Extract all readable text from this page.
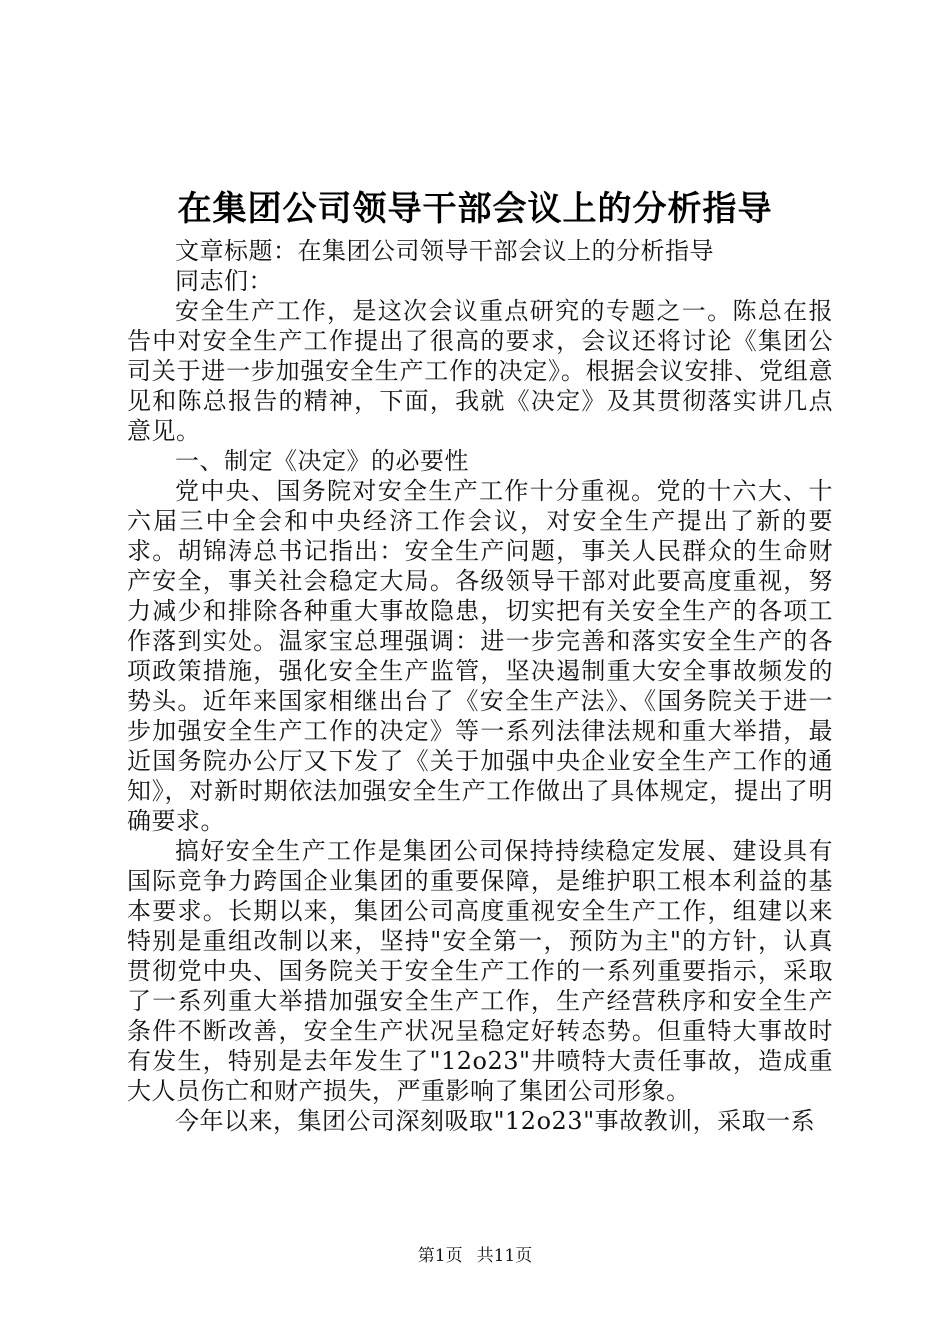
在集团公司领导干部会议上的分析指导

文章标题：在集团公司领导干部会议上的分析指导

同志们：

安全生产工作，是这次会议重点研究的专题之一。陈总在报告中对安全生产工作提出了很高的要求，会议还将讨论《集团公司关于进一步加强安全生产工作的决定》。根据会议安排、党组意见和陈总报告的精神，下面，我就《决定》及其贯彻落实讲几点意见。

一、制定《决定》的必要性

党中央、国务院对安全生产工作十分重视。党的十六大、十六届三中全会和中央经济工作会议，对安全生产提出了新的要求。胡锦涛总书记指出：安全生产问题，事关人民群众的生命财产安全，事关社会稳定大局。各级领导干部对此要高度重视，努力减少和排除各种重大事故隐患，切实把有关安全生产的各项工作落到实处。温家宝总理强调：进一步完善和落实安全生产的各项政策措施，强化安全生产监管，坚决遏制重大安全事故频发的势头。近年来国家相继出台了《安全生产法》、《国务院关于进一步加强安全生产工作的决定》等一系列法律法规和重大举措，最近国务院办公厅又下发了《关于加强中央企业安全生产工作的通知》，对新时期依法加强安全生产工作做出了具体规定，提出了明确要求。

搞好安全生产工作是集团公司保持持续稳定发展、建设具有国际竞争力跨国企业集团的重要保障，是维护职工根本利益的基本要求。长期以来，集团公司高度重视安全生产工作，组建以来特别是重组改制以来，坚持"安全第一，预防为主"的方针，认真贯彻党中央、国务院关于安全生产工作的一系列重要指示，采取了一系列重大举措加强安全生产工作，生产经营秩序和安全生产条件不断改善，安全生产状况呈稳定好转态势。但重特大事故时有发生，特别是去年发生了"12o23"井喷特大责任事故，造成重大人员伤亡和财产损失，严重影响了集团公司形象。

今年以来，集团公司深刻吸取"12o23"事故教训，采取一系

第1页 共11页
